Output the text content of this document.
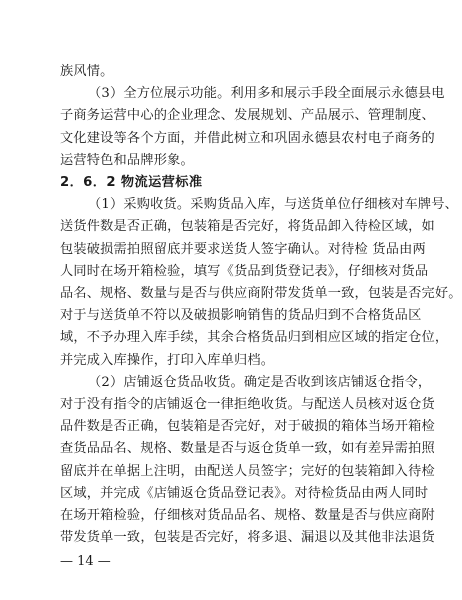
族风情。
（3）全方位展示功能。利用多和展示手段全面展示永德县电
子商务运营中心的企业理念、发展规划、产品展示、管理制度、
文化建设等各个方面，并借此树立和巩固永德县农村电子商务的
运营特色和品牌形象。
2．6．2 物流运营标准
（1）采购收货。采购货品入库，与送货单位仔细核对车牌号、
送货件数是否正确，包装箱是否完好，将货品卸入待检区域，如
包装破损需拍照留底并要求送货人签字确认。对待检 货品由两
人同时在场开箱检验，填写《货品到货登记表》，仔细核对货品
品名、规格、数量与是否与供应商附带发货单一致，包装是否完好。
对于与送货单不符以及破损影响销售的货品归到不合格货品区
域，不予办理入库手续，其余合格货品归到相应区域的指定仓位，
并完成入库操作，打印入库单归档。
（2）店铺返仓货品收货。确定是否收到该店铺返仓指令，
对于没有指令的店铺返仓一律拒绝收货。与配送人员核对返仓货
品件数是否正确，包装箱是否完好，对于破损的箱体当场开箱检
查货品品名、规格、数量是否与返仓货单一致，如有差异需拍照
留底并在单据上注明，由配送人员签字；完好的包装箱卸入待检
区域，并完成《店铺返仓货品登记表》。对待检货品由两人同时
在场开箱检验，仔细核对货品品名、规格、数量是否与供应商附
带发货单一致，包装是否完好，将多退、漏退以及其他非法退货
— 14 —
